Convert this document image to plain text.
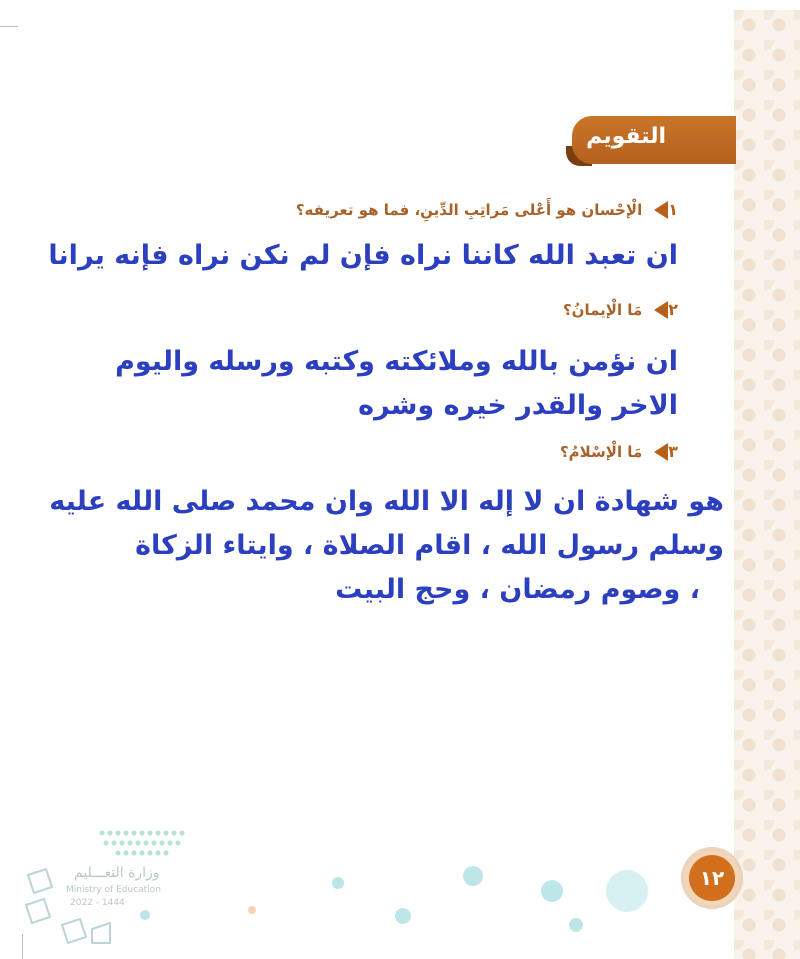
التقويم
١
الْإحْسان هو أَعْلى مَراتِبِ الدِّينِ، فما هو تعريفه؟
ان تعبد الله كاننا نراه فإن لم نكن نراه فإنه يرانا
٢
مَا الْإيمانُ؟
ان نؤمن بالله وملائكته وكتبه ورسله واليوم
الاخر والقدر خيره وشره
٣
مَا الْإسْلامُ؟
هو شهادة ان لا إله الا الله وان محمد صلى الله عليه
وسلم رسول الله ، اقام الصلاة ، وايتاء الزكاة
، وصوم رمضان ، وحج البيت
١٢
وزارة التعـــليم
Ministry of Education
2022 - 1444
